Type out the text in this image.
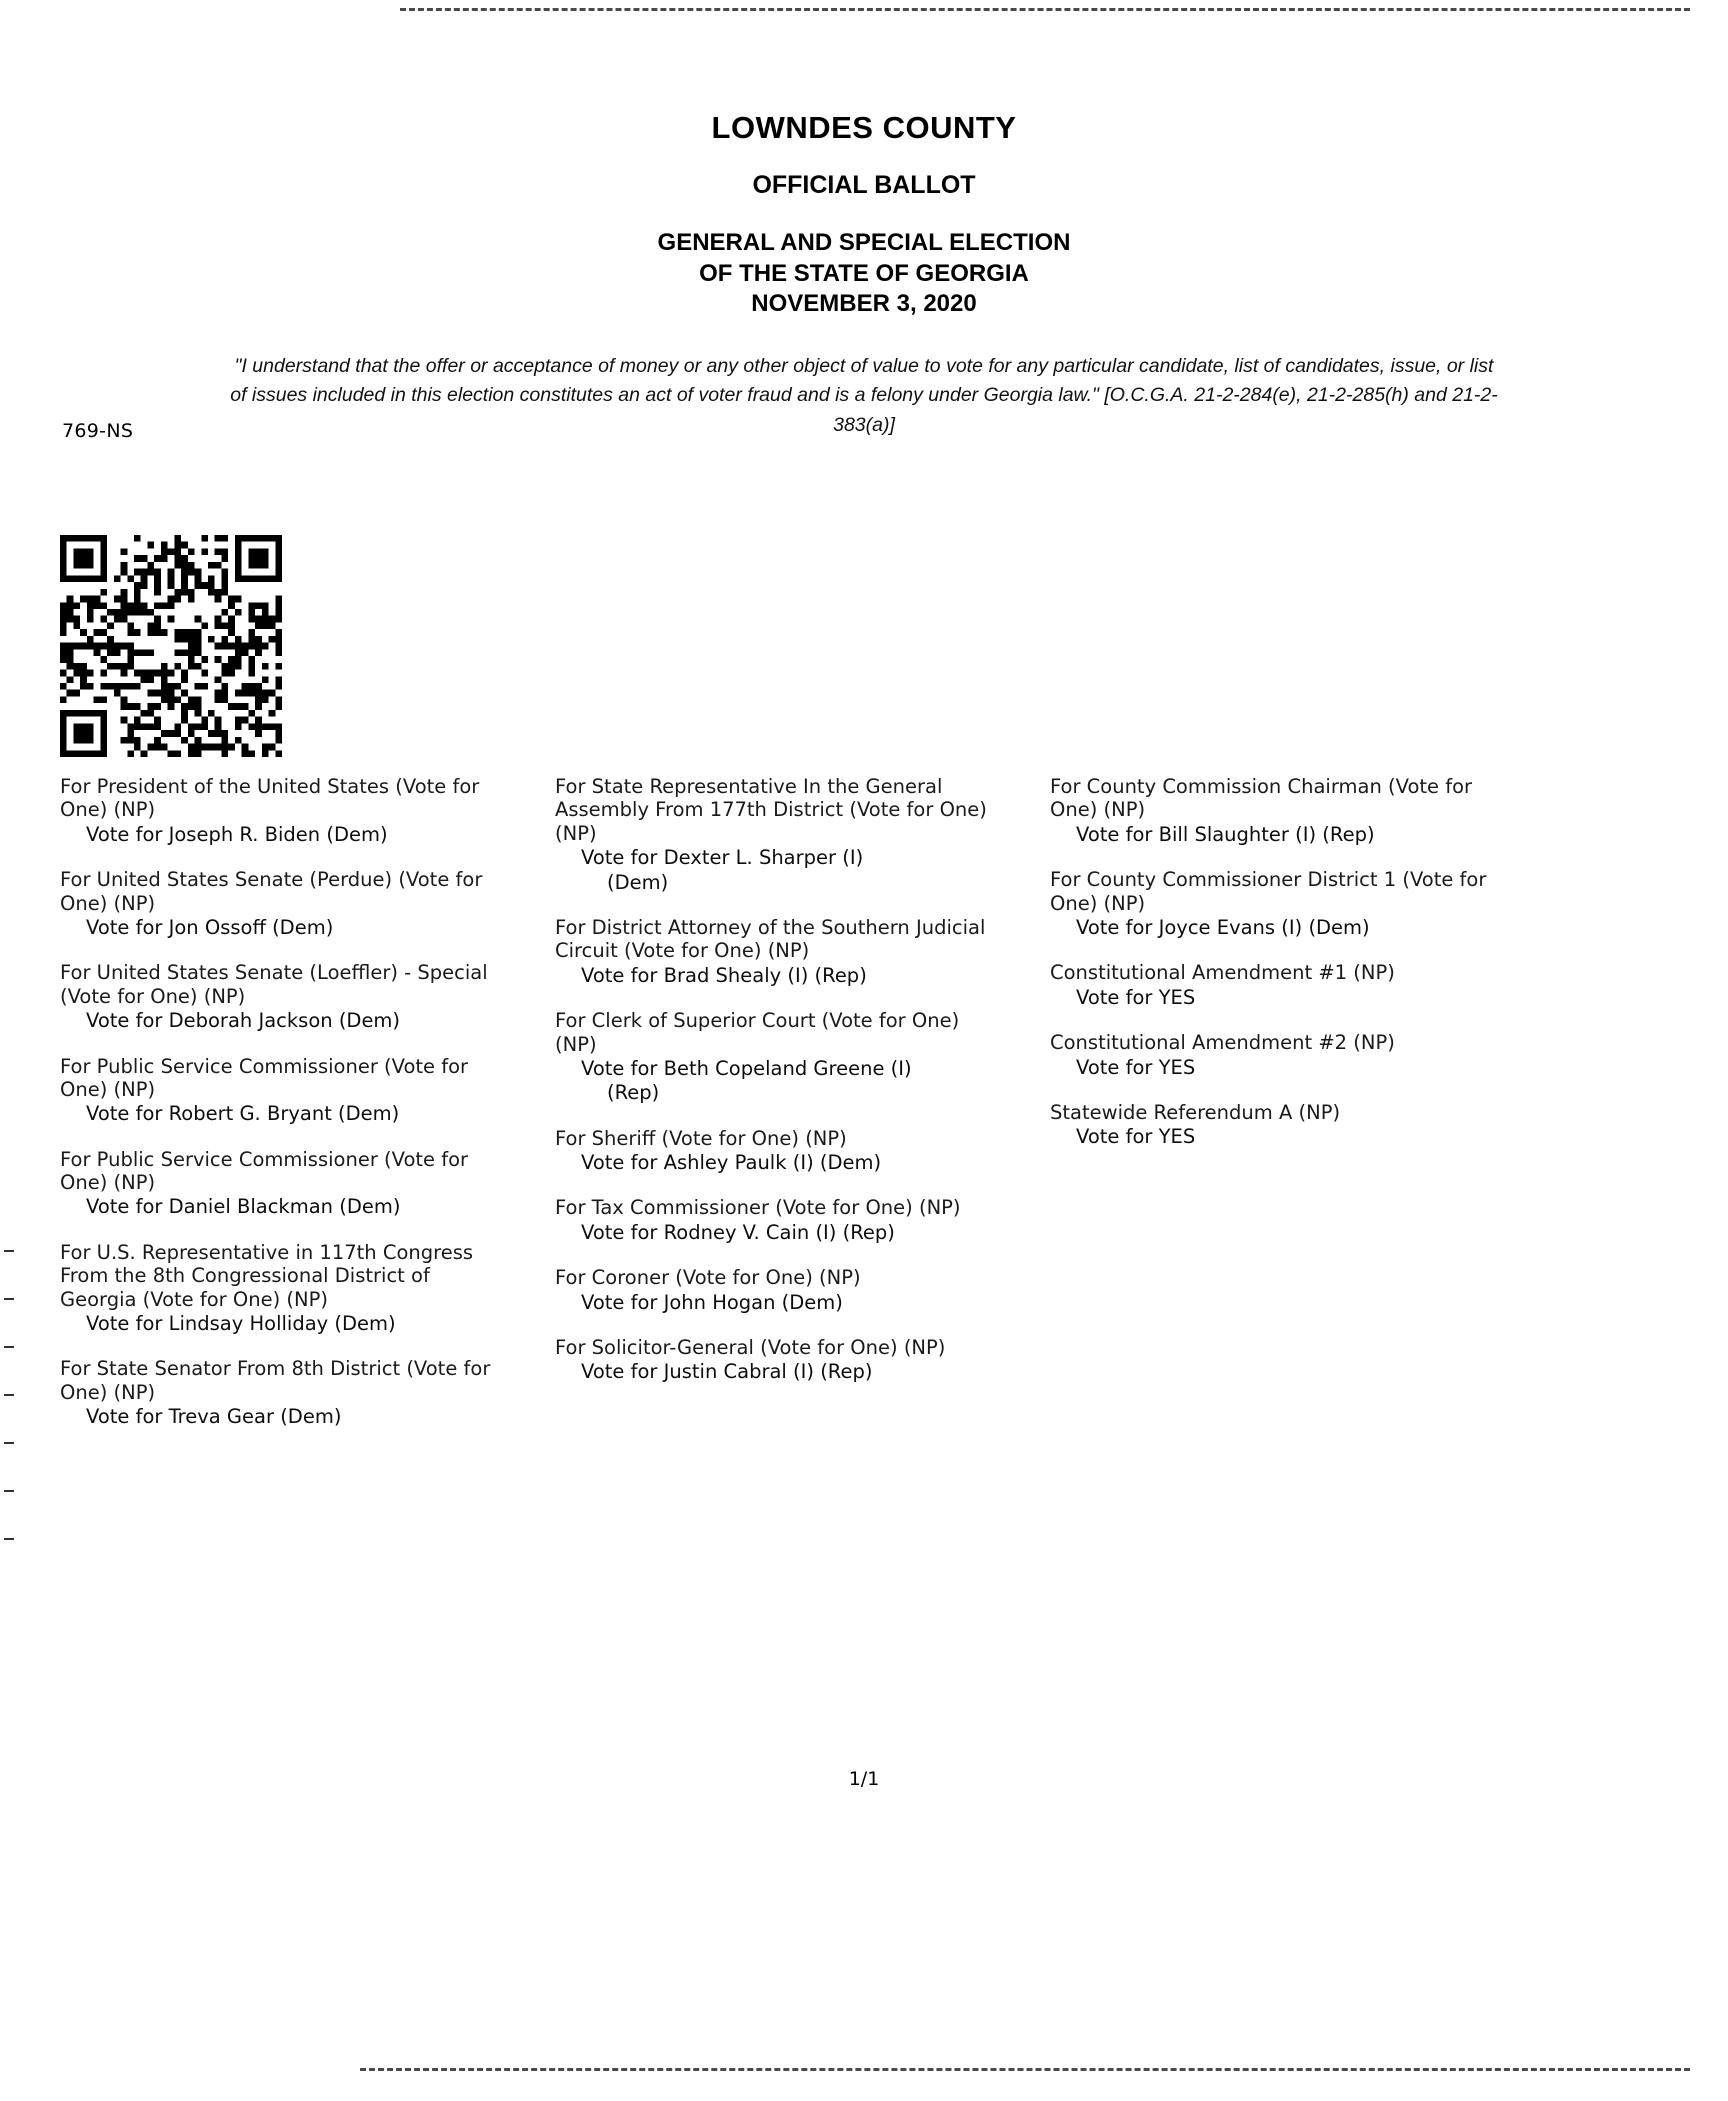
LOWNDES COUNTY
OFFICIAL BALLOT
GENERAL AND SPECIAL ELECTION
OF THE STATE OF GEORGIA
NOVEMBER 3, 2020
"I understand that the offer or acceptance of money or any other object of value to vote for any particular candidate, list of candidates, issue, or list of issues included in this election constitutes an act of voter fraud and is a felony under Georgia law." [O.C.G.A. 21-2-284(e), 21-2-285(h) and 21-2-383(a)]
769-NS
For President of the United States (Vote for One) (NP)
Vote for Joseph R. Biden (Dem)
For United States Senate (Perdue) (Vote for One) (NP)
Vote for Jon Ossoff (Dem)
For United States Senate (Loeffler) - Special (Vote for One) (NP)
Vote for Deborah Jackson (Dem)
For Public Service Commissioner (Vote for One) (NP)
Vote for Robert G. Bryant (Dem)
For Public Service Commissioner (Vote for One) (NP)
Vote for Daniel Blackman (Dem)
For U.S. Representative in 117th Congress From the 8th Congressional District of Georgia (Vote for One) (NP)
Vote for Lindsay Holliday (Dem)
For State Senator From 8th District (Vote for One) (NP)
Vote for Treva Gear (Dem)
For State Representative In the General Assembly From 177th District (Vote for One) (NP)
Vote for Dexter L. Sharper (I)
(Dem)
For District Attorney of the Southern Judicial Circuit (Vote for One) (NP)
Vote for Brad Shealy (I) (Rep)
For Clerk of Superior Court (Vote for One) (NP)
Vote for Beth Copeland Greene (I)
(Rep)
For Sheriff (Vote for One) (NP)
Vote for Ashley Paulk (I) (Dem)
For Tax Commissioner (Vote for One) (NP)
Vote for Rodney V. Cain (I) (Rep)
For Coroner (Vote for One) (NP)
Vote for John Hogan (Dem)
For Solicitor-General (Vote for One) (NP)
Vote for Justin Cabral (I) (Rep)
For County Commission Chairman (Vote for One) (NP)
Vote for Bill Slaughter (I) (Rep)
For County Commissioner District 1 (Vote for One) (NP)
Vote for Joyce Evans (I) (Dem)
Constitutional Amendment #1 (NP)
Vote for YES
Constitutional Amendment #2 (NP)
Vote for YES
Statewide Referendum A (NP)
Vote for YES
1/1
